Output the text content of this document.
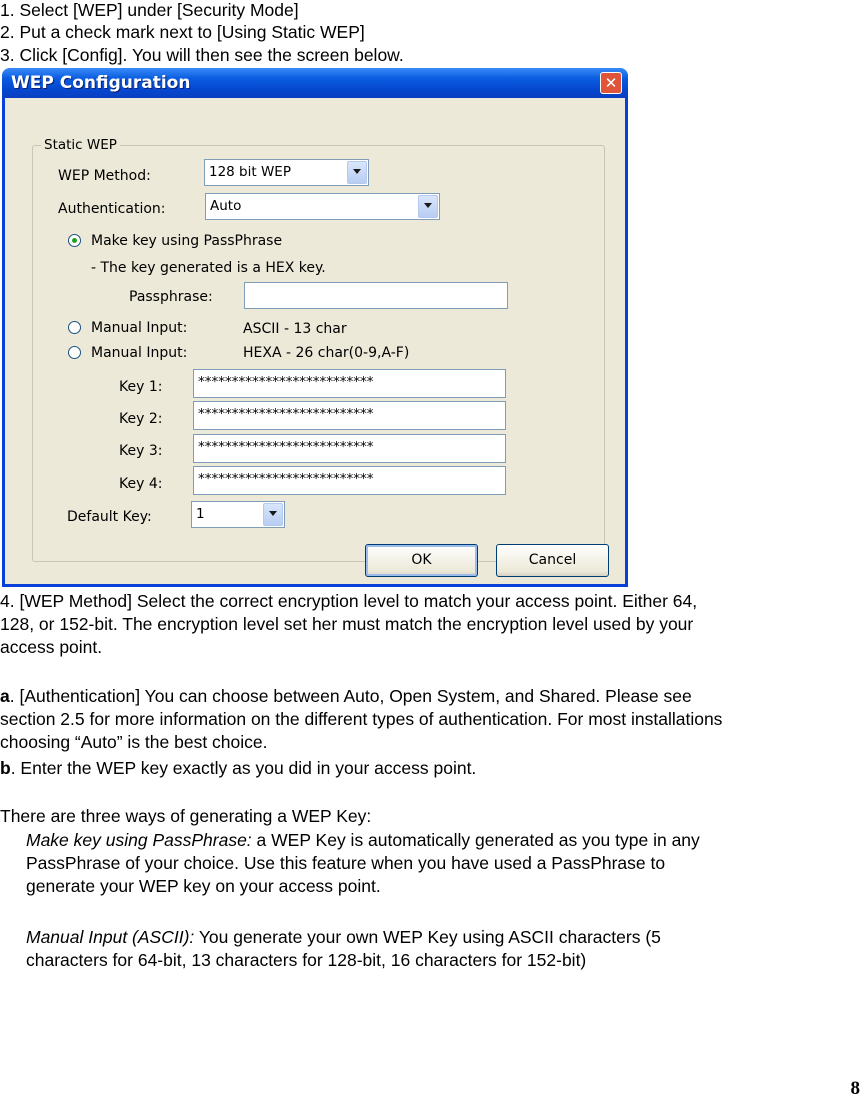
1. Select [WEP] under [Security Mode]

2. Put a check mark next to [Using Static WEP]

3. Click [Config]. You will then see the screen below.

WEP Configuration	✕
Static WEP
WEP Method:	128 bit WEP
Authentication:	Auto
Make key using PassPhrase
- The key generated is a HEX key.
Passphrase:
Manual Input:	ASCII - 13 char
Manual Input:	HEXA - 26 char(0-9,A-F)
Key 1:	**************************
Key 2:	**************************
Key 3:	**************************
Key 4:	**************************
Default Key:	1
OK	Cancel

4. [WEP Method] Select the correct encryption level to match your access point. Either 64,

128, or 152-bit. The encryption level set her must match the encryption level used by your

access point.

a. [Authentication] You can choose between Auto, Open System, and Shared. Please see

section 2.5 for more information on the different types of authentication. For most installations

choosing “Auto” is the best choice.

b. Enter the WEP key exactly as you did in your access point.

There are three ways of generating a WEP Key:

Make key using PassPhrase: a WEP Key is automatically generated as you type in any

PassPhrase of your choice. Use this feature when you have used a PassPhrase to

generate your WEP key on your access point.

Manual Input (ASCII): You generate your own WEP Key using ASCII characters (5

characters for 64-bit, 13 characters for 128-bit, 16 characters for 152-bit)

8
